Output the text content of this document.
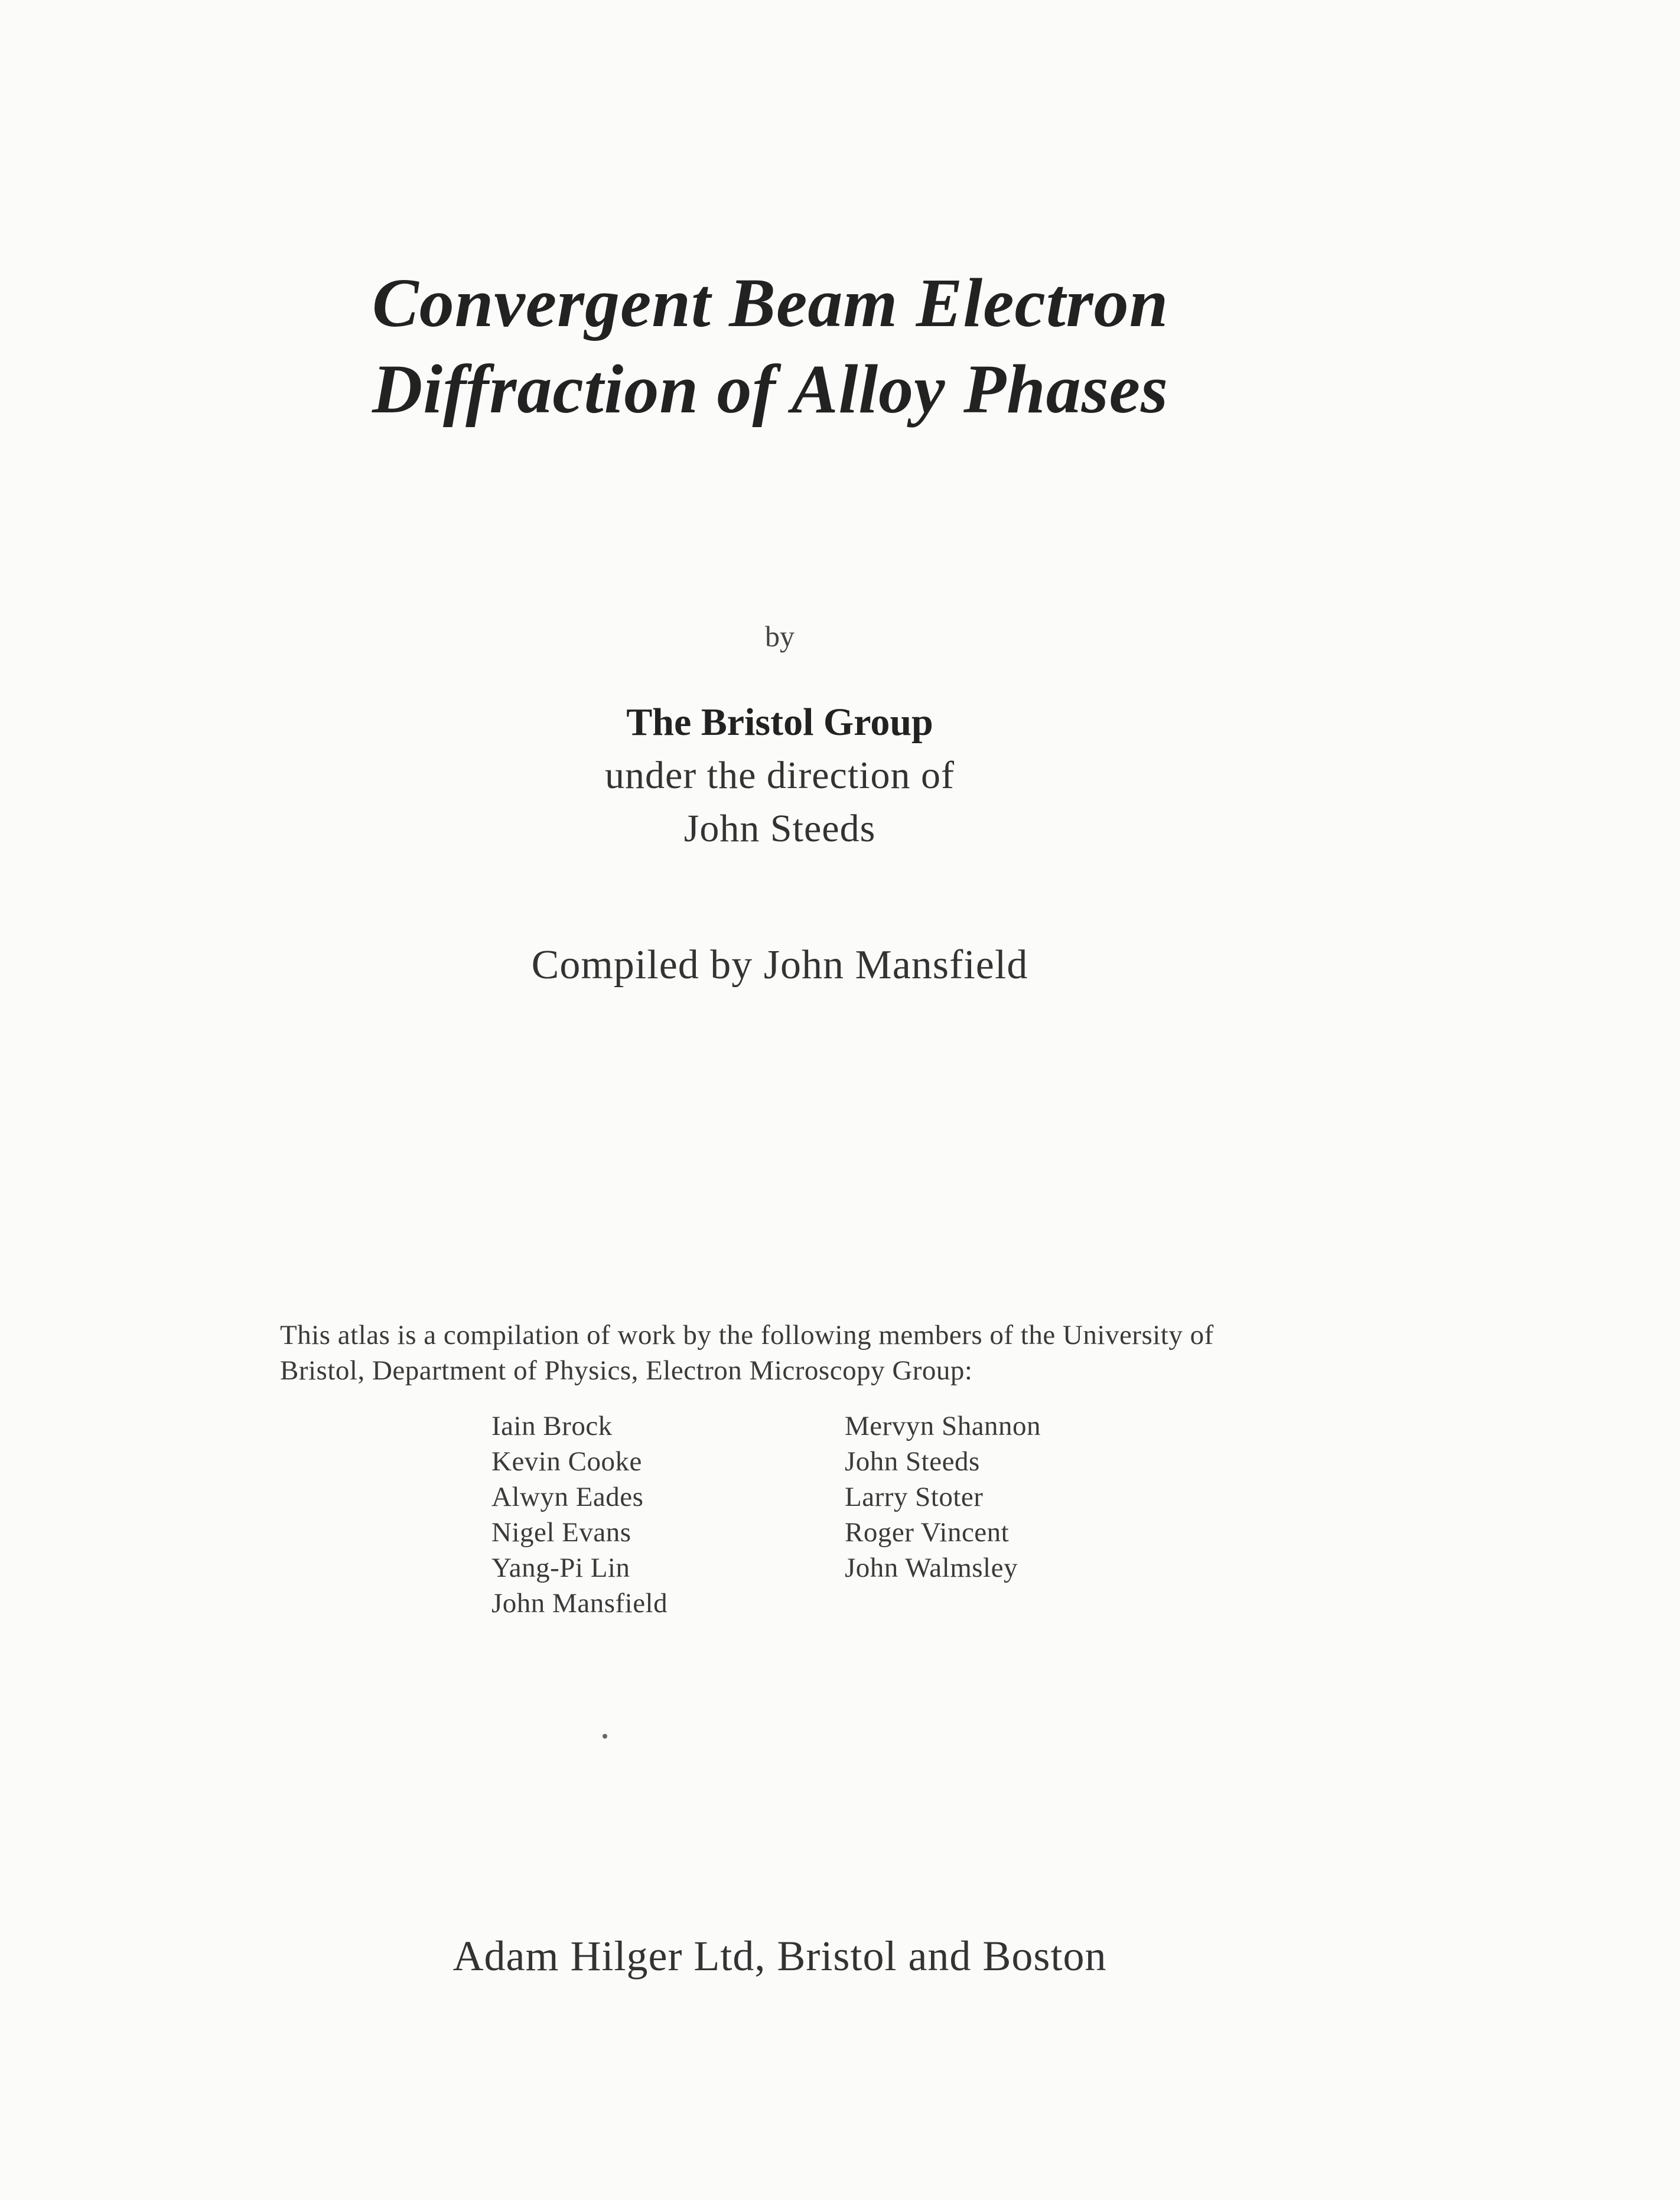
Convergent Beam Electron
Diffraction of Alloy Phases
by
The Bristol Group
under the direction of
John Steeds
Compiled by John Mansfield
This atlas is a compilation of work by the following members of the University of
Bristol, Department of Physics, Electron Microscopy Group:
Iain Brock
Kevin Cooke
Alwyn Eades
Nigel Evans
Yang-Pi Lin
John Mansfield
Mervyn Shannon
John Steeds
Larry Stoter
Roger Vincent
John Walmsley
Adam Hilger Ltd, Bristol and Boston
